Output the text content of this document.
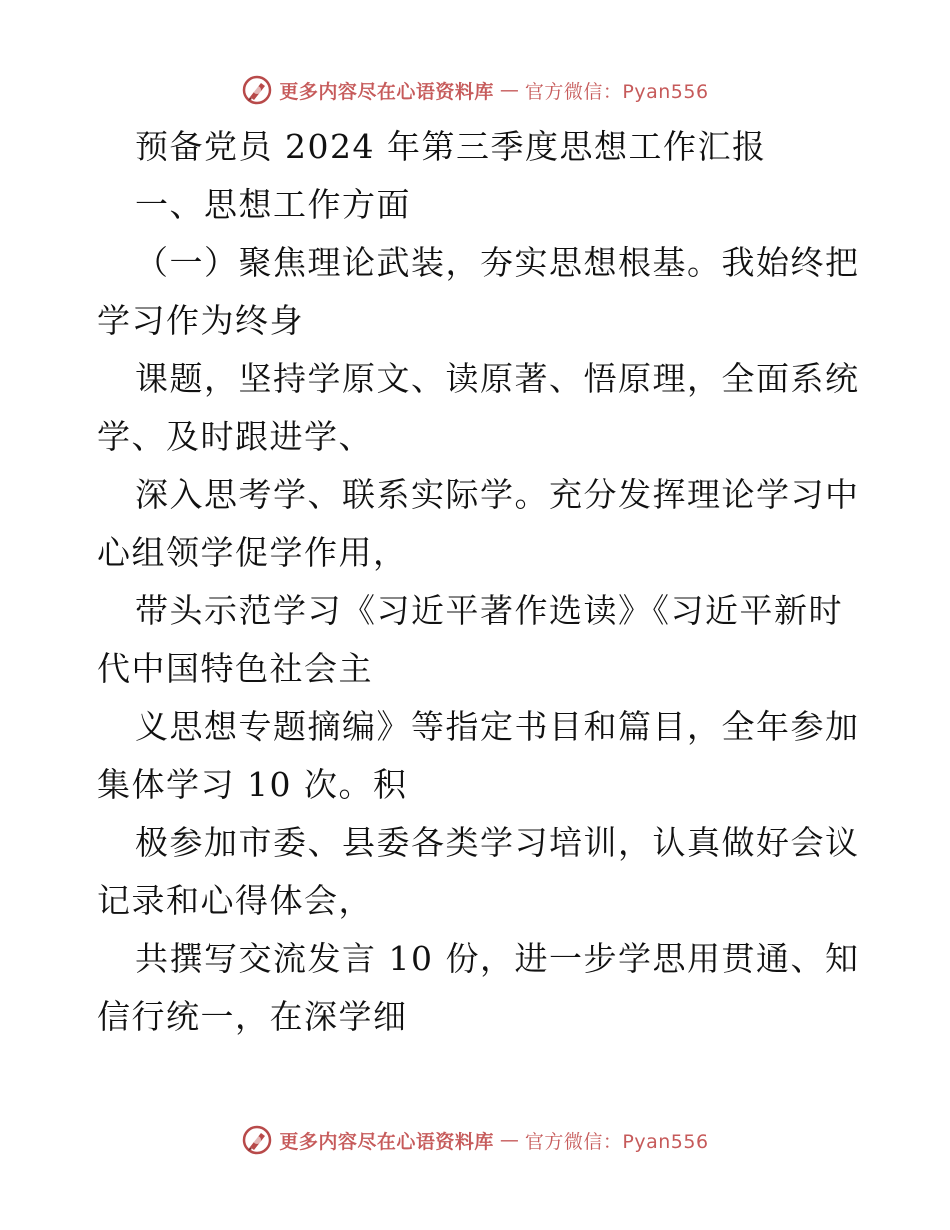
更多内容尽在心语资料库 — 官方微信：Pyan556
预备党员 2024 年第三季度思想工作汇报
一、思想工作方面
（一）聚焦理论武装，夯实思想根基。我始终把
学习作为终身
课题，坚持学原文、读原著、悟原理，全面系统
学、及时跟进学、
深入思考学、联系实际学。充分发挥理论学习中
心组领学促学作用，
带头示范学习《习近平著作选读》《习近平新时
代中国特色社会主
义思想专题摘编》等指定书目和篇目，全年参加
集体学习 10 次。积
极参加市委、县委各类学习培训，认真做好会议
记录和心得体会，
共撰写交流发言 10 份，进一步学思用贯通、知
信行统一，在深学细
更多内容尽在心语资料库 — 官方微信：Pyan556
